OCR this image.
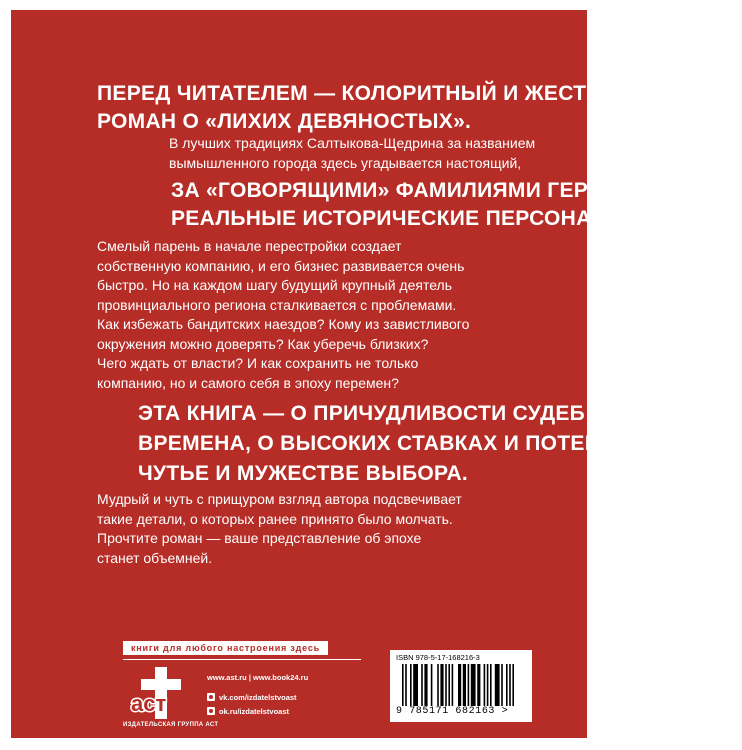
ПЕРЕД ЧИТАТЕЛЕМ — КОЛОРИТНЫЙ И ЖЕСТКИЙ
РОМАН О «ЛИХИХ ДЕВЯНОСТЫХ».
В лучших традициях Салтыкова-Щедрина за названием
вымышленного города здесь угадывается настоящий,
ЗА «ГОВОРЯЩИМИ» ФАМИЛИЯМИ ГЕРОЕВ —
РЕАЛЬНЫЕ ИСТОРИЧЕСКИЕ ПЕРСОНАЖИ.
Смелый парень в начале перестройки создает
собственную компанию, и его бизнес развивается очень
быстро. Но на каждом шагу будущий крупный деятель
провинциального региона сталкивается с проблемами.
Как избежать бандитских наездов? Кому из завистливого
окружения можно доверять? Как уберечь близких?
Чего ждать от власти? И как сохранить не только
компанию, но и самого себя в эпоху перемен?
ЭТА КНИГА — О ПРИЧУДЛИВОСТИ СУДЕБ В ТРУДНЫЕ
ВРЕМЕНА, О ВЫСОКИХ СТАВКАХ И ПОТЕРЯХ, О РИСКЕ,
ЧУТЬЕ И МУЖЕСТВЕ ВЫБОРА.
Мудрый и чуть с прищуром взгляд автора подсвечивает
такие детали, о которых ранее принято было молчать.
Прочтите роман — ваше представление об эпохе
станет объемней.
книги для любого настроения здесь
аст
ИЗДАТЕЛЬСКАЯ ГРУППА АСТ
www.ast.ru | www.book24.ru
vk.com/izdatelstvoast
ok.ru/izdatelstvoast
ISBN 978-5-17-168216-3
9 785171 682163 >
